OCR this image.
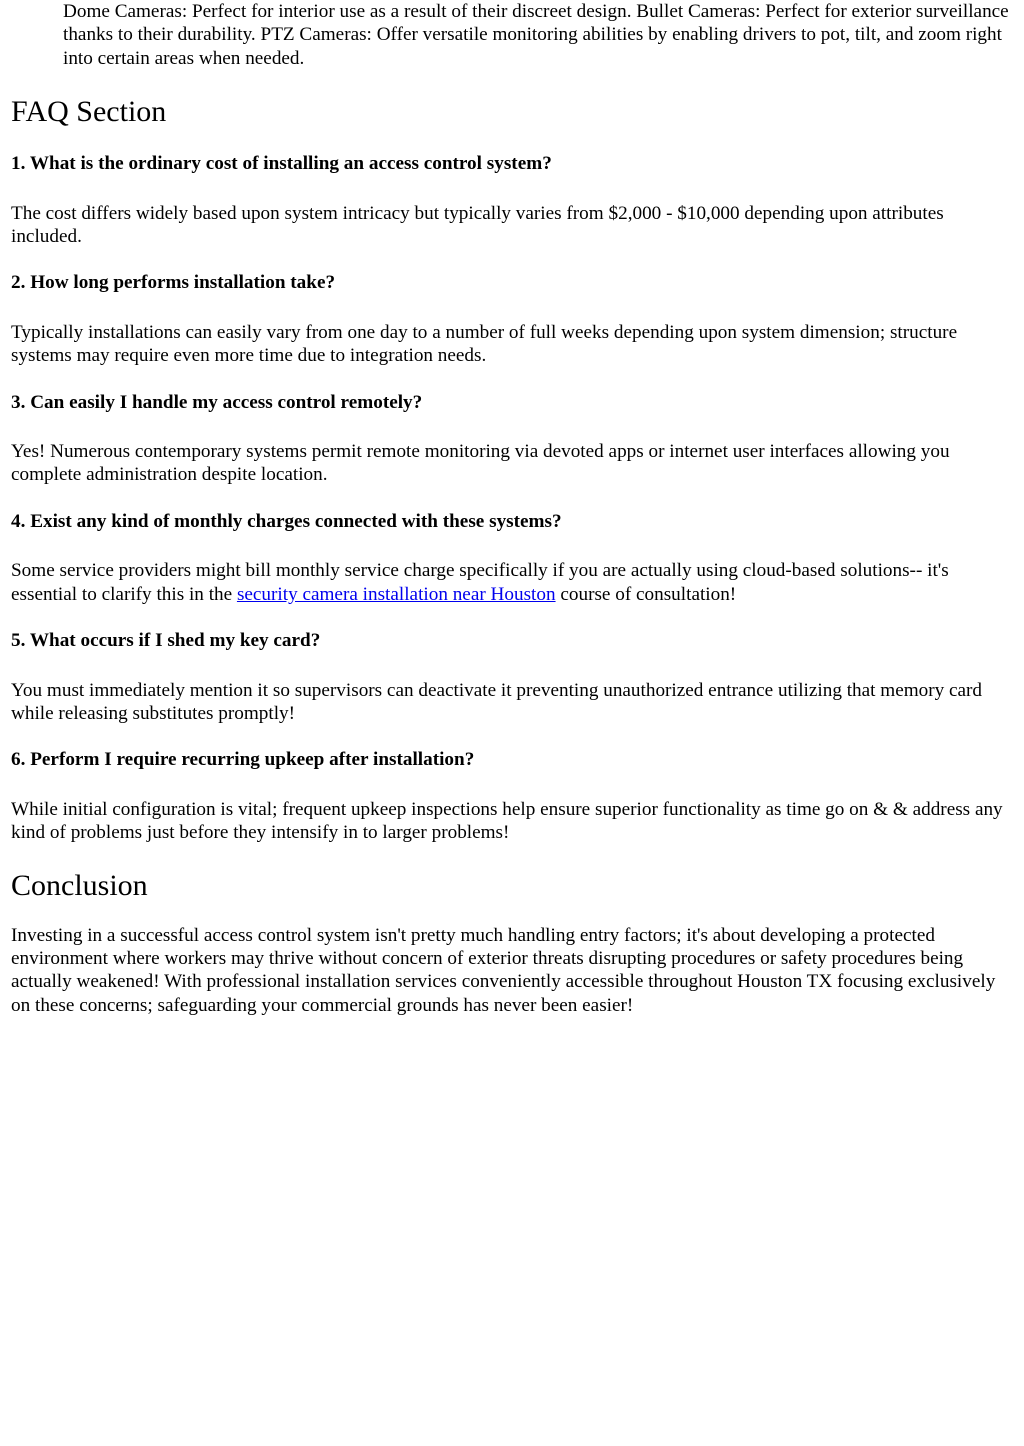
Dome Cameras: Perfect for interior use as a result of their discreet design. Bullet Cameras: Perfect for exterior surveillance thanks to their durability. PTZ Cameras: Offer versatile monitoring abilities by enabling drivers to pot, tilt, and zoom right into certain areas when needed.

FAQ Section
1. What is the ordinary cost of installing an access control system?

The cost differs widely based upon system intricacy but typically varies from $2,000 - $10,000 depending upon attributes included.

2. How long performs installation take?

Typically installations can easily vary from one day to a number of full weeks depending upon system dimension; structure systems may require even more time due to integration needs.

3. Can easily I handle my access control remotely?

Yes! Numerous contemporary systems permit remote monitoring via devoted apps or internet user interfaces allowing you complete administration despite location.

4. Exist any kind of monthly charges connected with these systems?

Some service providers might bill monthly service charge specifically if you are actually using cloud-based solutions-- it's essential to clarify this in the security camera installation near Houston course of consultation!

5. What occurs if I shed my key card?

You must immediately mention it so supervisors can deactivate it preventing unauthorized entrance utilizing that memory card while releasing substitutes promptly!

6. Perform I require recurring upkeep after installation?

While initial configuration is vital; frequent upkeep inspections help ensure superior functionality as time go on & & address any kind of problems just before they intensify in to larger problems!

Conclusion

Investing in a successful access control system isn't pretty much handling entry factors; it's about developing a protected environment where workers may thrive without concern of exterior threats disrupting procedures or safety procedures being actually weakened! With professional installation services conveniently accessible throughout Houston TX focusing exclusively on these concerns; safeguarding your commercial grounds has never been easier!
